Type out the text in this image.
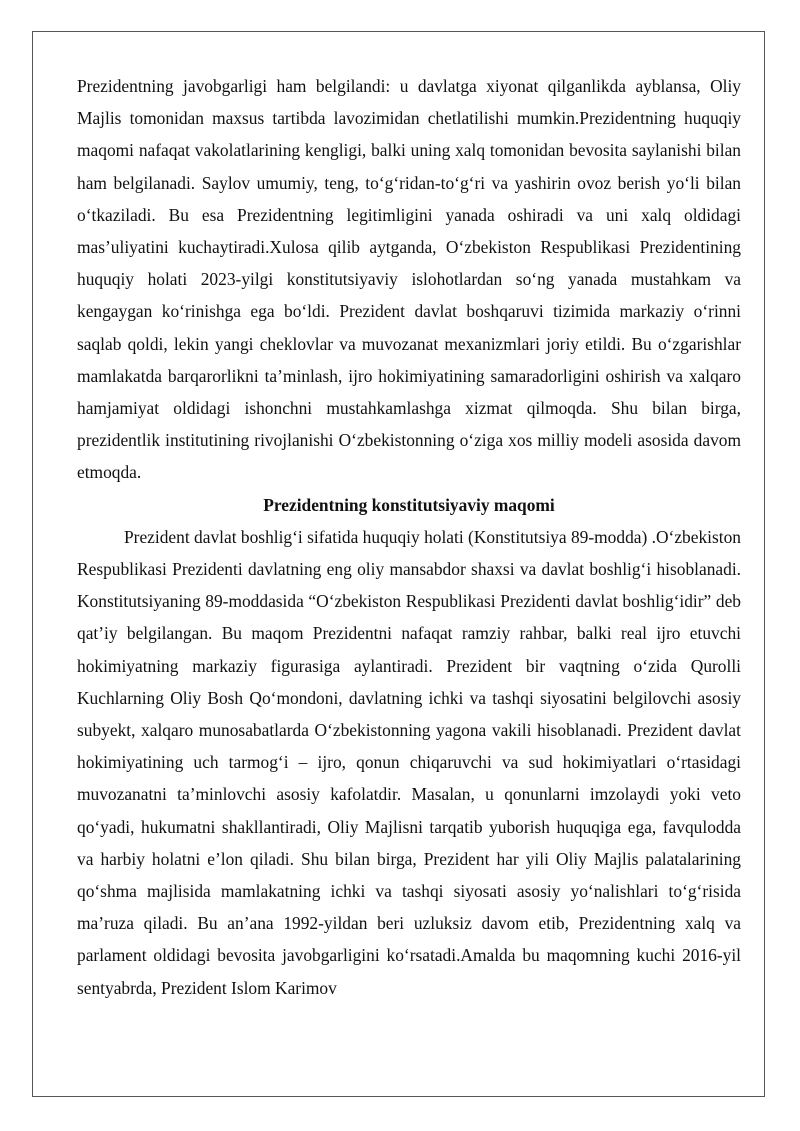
Prezidentning javobgarligi ham belgilandi: u davlatga xiyonat qilganlikda ayblansa, Oliy Majlis tomonidan maxsus tartibda lavozimidan chetlatilishi mumkin.Prezidentning huquqiy maqomi nafaqat vakolatlarining kengligi, balki uning xalq tomonidan bevosita saylanishi bilan ham belgilanadi. Saylov umumiy, teng, to‘g‘ridan-to‘g‘ri va yashirin ovoz berish yo‘li bilan o‘tkaziladi. Bu esa Prezidentning legitimligini yanada oshiradi va uni xalq oldidagi mas’uliyatini kuchaytiradi.Xulosa qilib aytganda, O‘zbekiston Respublikasi Prezidentining huquqiy holati 2023-yilgi konstitutsiyaviy islohotlardan so‘ng yanada mustahkam va kengaygan ko‘rinishga ega bo‘ldi. Prezident davlat boshqaruvi tizimida markaziy o‘rinni saqlab qoldi, lekin yangi cheklovlar va muvozanat mexanizmlari joriy etildi. Bu o‘zgarishlar mamlakatda barqarorlikni ta’minlash, ijro hokimiyatining samaradorligini oshirish va xalqaro hamjamiyat oldidagi ishonchni mustahkamlashga xizmat qilmoqda. Shu bilan birga, prezidentlik institutining rivojlanishi O‘zbekistonning o‘ziga xos milliy modeli asosida davom etmoqda.

Prezidentning konstitutsiyaviy maqomi

Prezident davlat boshlig‘i sifatida huquqiy holati (Konstitutsiya 89-modda) .O‘zbekiston Respublikasi Prezidenti davlatning eng oliy mansabdor shaxsi va davlat boshlig‘i hisoblanadi. Konstitutsiyaning 89-moddasida “O‘zbekiston Respublikasi Prezidenti davlat boshlig‘idir” deb qat’iy belgilangan. Bu maqom Prezidentni nafaqat ramziy rahbar, balki real ijro etuvchi hokimiyatning markaziy figurasiga aylantiradi. Prezident bir vaqtning o‘zida Qurolli Kuchlarning Oliy Bosh Qo‘mondoni, davlatning ichki va tashqi siyosatini belgilovchi asosiy subyekt, xalqaro munosabatlarda O‘zbekistonning yagona vakili hisoblanadi. Prezident davlat hokimiyatining uch tarmog‘i – ijro, qonun chiqaruvchi va sud hokimiyatlari o‘rtasidagi muvozanatni ta’minlovchi asosiy kafolatdir. Masalan, u qonunlarni imzolaydi yoki veto qo‘yadi, hukumatni shakllantiradi, Oliy Majlisni tarqatib yuborish huquqiga ega, favqulodda va harbiy holatni e’lon qiladi. Shu bilan birga, Prezident har yili Oliy Majlis palatalarining qo‘shma majlisida mamlakatning ichki va tashqi siyosati asosiy yo‘nalishlari to‘g‘risida ma’ruza qiladi. Bu an’ana 1992-yildan beri uzluksiz davom etib, Prezidentning xalq va parlament oldidagi bevosita javobgarligini ko‘rsatadi.Amalda bu maqomning kuchi 2016-yil sentyabrda, Prezident Islom Karimov
